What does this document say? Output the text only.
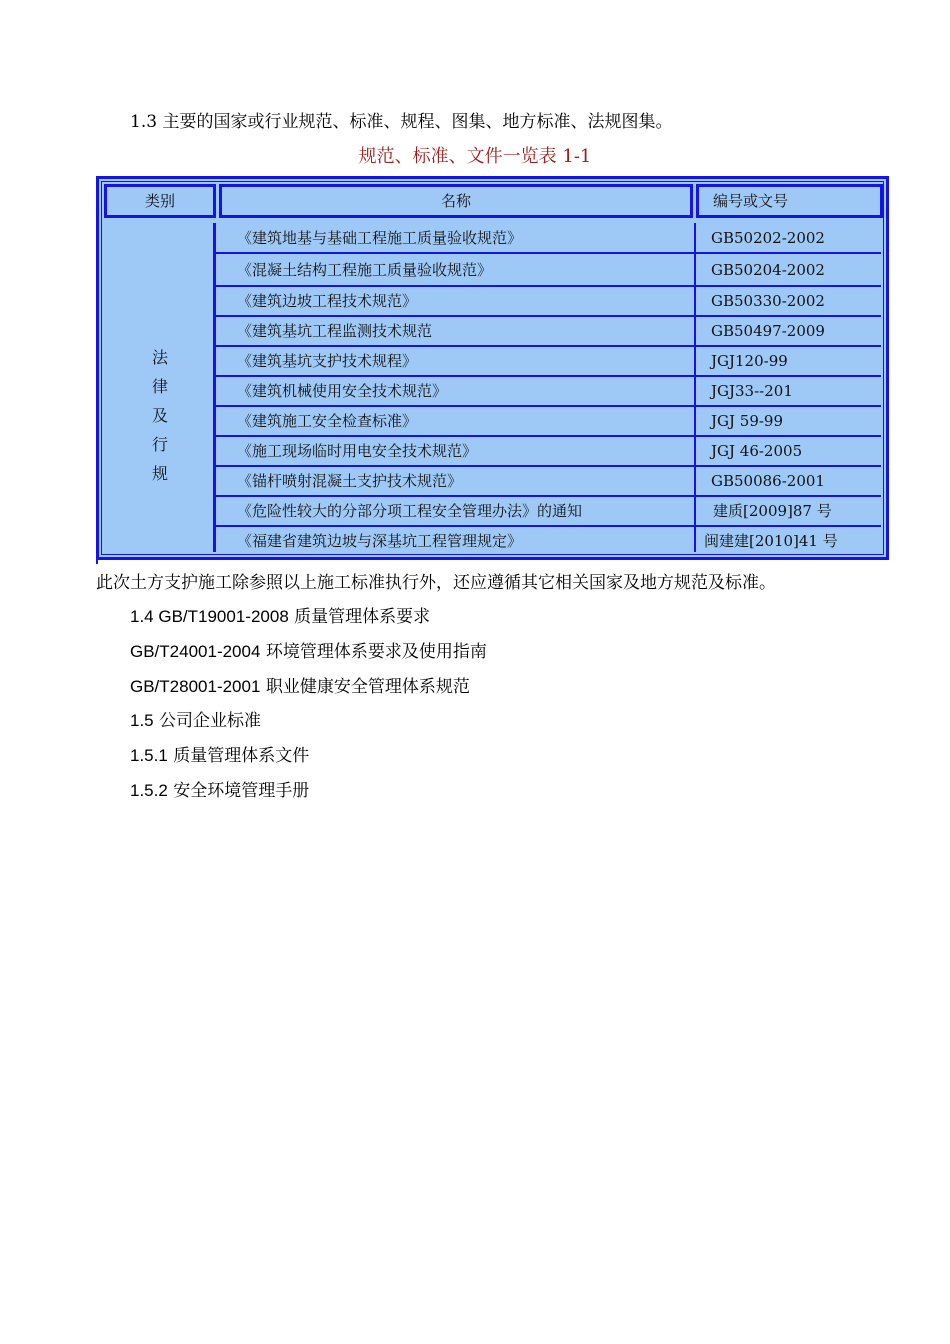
1.3 主要的国家或行业规范、标准、规程、图集、地方标准、法规图集。
规范、标准、文件一览表 1-1
类别	名称	编号或文号
法
律
及
行
规
《建筑地基与基础工程施工质量验收规范》	GB50202-2002
《混凝土结构工程施工质量验收规范》	GB50204-2002
《建筑边坡工程技术规范》	GB50330-2002
《建筑基坑工程监测技术规范	GB50497-2009
《建筑基坑支护技术规程》	JGJ120-99
《建筑机械使用安全技术规范》	JGJ33--201
《建筑施工安全检查标准》	JGJ 59-99
《施工现场临时用电安全技术规范》	JGJ 46-2005
《锚杆喷射混凝土支护技术规范》	GB50086-2001
《危险性较大的分部分项工程安全管理办法》的通知	建质[2009]87 号
《福建省建筑边坡与深基坑工程管理规定》	闽建建[2010]41 号
此次土方支护施工除参照以上施工标准执行外，还应遵循其它相关国家及地方规范及标准。
1.4 GB/T19001-2008 质量管理体系要求
GB/T24001-2004 环境管理体系要求及使用指南
GB/T28001-2001 职业健康安全管理体系规范
1.5 公司企业标准
1.5.1 质量管理体系文件
1.5.2 安全环境管理手册
